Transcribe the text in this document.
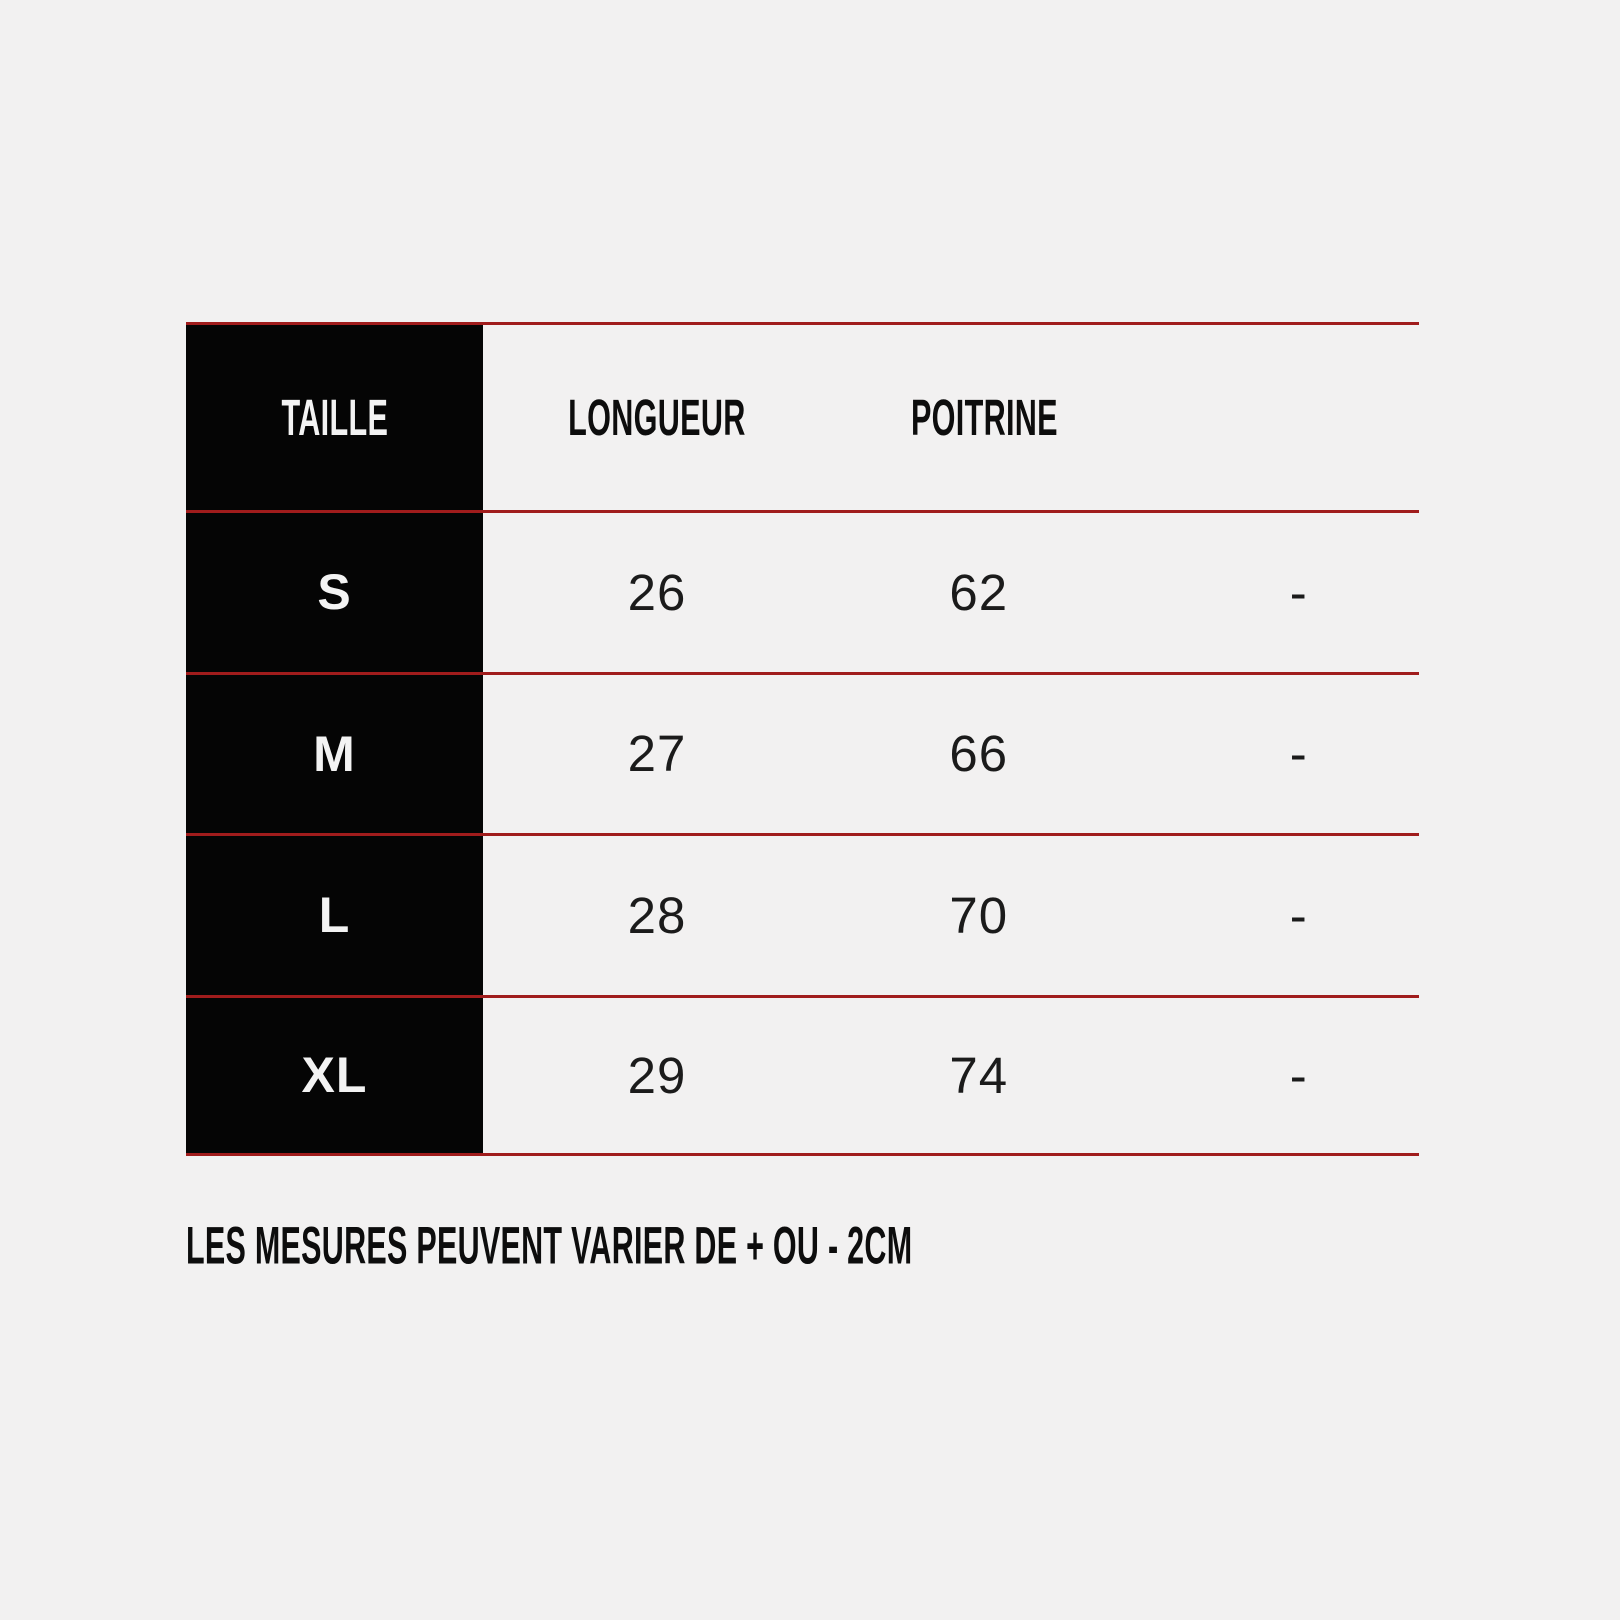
TAILLE	LONGUEUR	POITRINE
S	26	62	-
M	27	66	-
L	28	70	-
XL	29	74	-
LES MESURES PEUVENT VARIER DE + OU - 2CM
